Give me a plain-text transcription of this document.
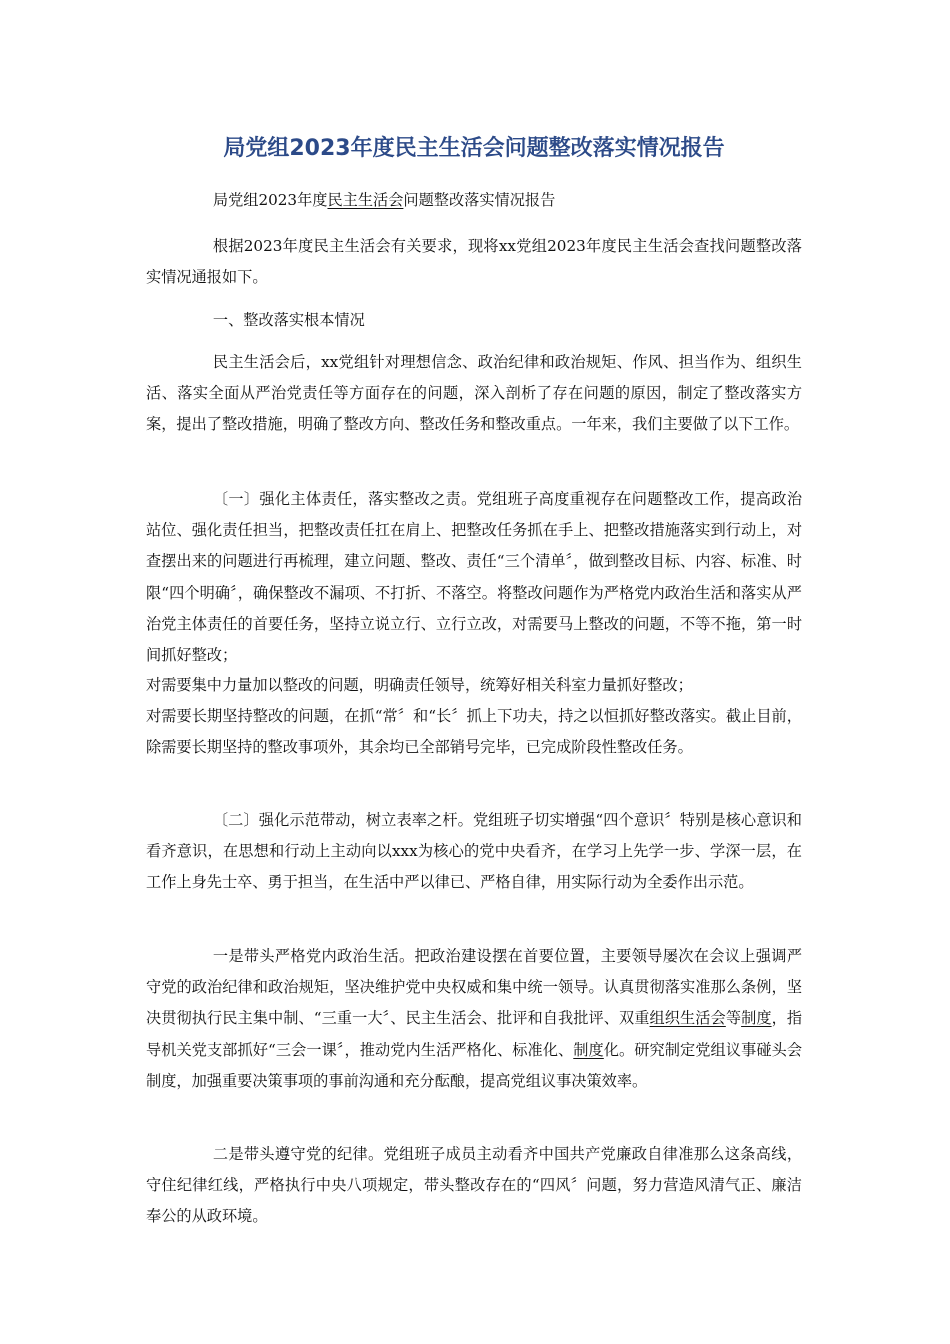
局党组2023年度民主生活会问题整改落实情况报告

局党组2023年度民主生活会问题整改落实情况报告

根据2023年度民主生活会有关要求，现将xx党组2023年度民主生活会查找问题整改落实情况通报如下。

一、整改落实根本情况

民主生活会后，xx党组针对理想信念、政治纪律和政治规矩、作风、担当作为、组织生活、落实全面从严治党责任等方面存在的问题，深入剖析了存在问题的原因，制定了整改落实方案，提出了整改措施，明确了整改方向、整改任务和整改重点。一年来，我们主要做了以下工作。

〔一〕强化主体责任，落实整改之责。党组班子高度重视存在问题整改工作，提高政治站位、强化责任担当，把整改责任扛在肩上、把整改任务抓在手上、把整改措施落实到行动上，对查摆出来的问题进行再梳理，建立问题、整改、责任“三个清单〞，做到整改目标、内容、标准、时限“四个明确〞，确保整改不漏项、不打折、不落空。将整改问题作为严格党内政治生活和落实从严治党主体责任的首要任务，坚持立说立行、立行立改，对需要马上整改的问题，不等不拖，第一时间抓好整改；

对需要集中力量加以整改的问题，明确责任领导，统筹好相关科室力量抓好整改；

对需要长期坚持整改的问题，在抓“常〞和“长〞抓上下功夫，持之以恒抓好整改落实。截止目前，除需要长期坚持的整改事项外，其余均已全部销号完毕，已完成阶段性整改任务。

〔二〕强化示范带动，树立表率之杆。党组班子切实增强“四个意识〞特别是核心意识和看齐意识，在思想和行动上主动向以xxx为核心的党中央看齐，在学习上先学一步、学深一层，在工作上身先士卒、勇于担当，在生活中严以律已、严格自律，用实际行动为全委作出示范。

一是带头严格党内政治生活。把政治建设摆在首要位置，主要领导屡次在会议上强调严守党的政治纪律和政治规矩，坚决维护党中央权威和集中统一领导。认真贯彻落实准那么条例，坚决贯彻执行民主集中制、“三重一大〞、民主生活会、批评和自我批评、双重组织生活会等制度，指导机关党支部抓好“三会一课〞，推动党内生活严格化、标准化、制度化。研究制定党组议事碰头会制度，加强重要决策事项的事前沟通和充分酝酿，提高党组议事决策效率。

二是带头遵守党的纪律。党组班子成员主动看齐中国共产党廉政自律准那么这条高线，守住纪律红线，严格执行中央八项规定，带头整改存在的“四风〞问题，努力营造风清气正、廉洁奉公的从政环境。
